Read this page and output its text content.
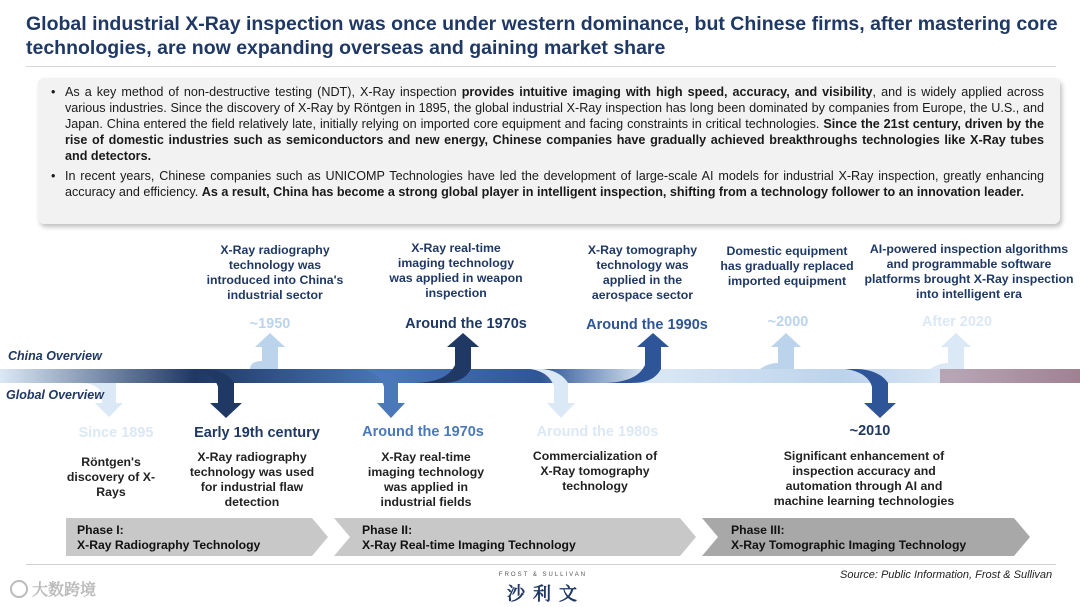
Global industrial X-Ray inspection was once under western dominance, but Chinese firms, after mastering core technologies, are now expanding overseas and gaining market share
• As a key method of non-destructive testing (NDT), X-Ray inspection provides intuitive imaging with high speed, accuracy, and visibility, and is widely applied across various industries. Since the discovery of X-Ray by Röntgen in 1895, the global industrial X-Ray inspection has long been dominated by companies from Europe, the U.S., and Japan. China entered the field relatively late, initially relying on imported core equipment and facing constraints in critical technologies. Since the 21st century, driven by the rise of domestic industries such as semiconductors and new energy, Chinese companies have gradually achieved breakthroughs technologies like X-Ray tubes and detectors.
• In recent years, Chinese companies such as UNICOMP Technologies have led the development of large-scale AI models for industrial X-Ray inspection, greatly enhancing accuracy and efficiency. As a result, China has become a strong global player in intelligent inspection, shifting from a technology follower to an innovation leader.
China Overview
Global Overview
X-Ray radiography technology was introduced into China's industrial sector
~1950
X-Ray real-time imaging technology was applied in weapon inspection
Around the 1970s
X-Ray tomography technology was applied in the aerospace sector
Around the 1990s
Domestic equipment has gradually replaced imported equipment
~2000
AI-powered inspection algorithms and programmable software platforms brought X-Ray inspection into intelligent era
After 2020
Since 1895
Röntgen's discovery of X-Rays
Early 19th century
X-Ray radiography technology was used for industrial flaw detection
Around the 1970s
X-Ray real-time imaging technology was applied in industrial fields
Around the 1980s
Commercialization of X-Ray tomography technology
~2010
Significant enhancement of inspection accuracy and automation through AI and machine learning technologies
Phase I:
X-Ray Radiography Technology
Phase II:
X-Ray Real-time Imaging Technology
Phase III:
X-Ray Tomographic Imaging Technology
Source: Public Information, Frost & Sullivan
FROST & SULLIVAN
沙利文
大数跨境
